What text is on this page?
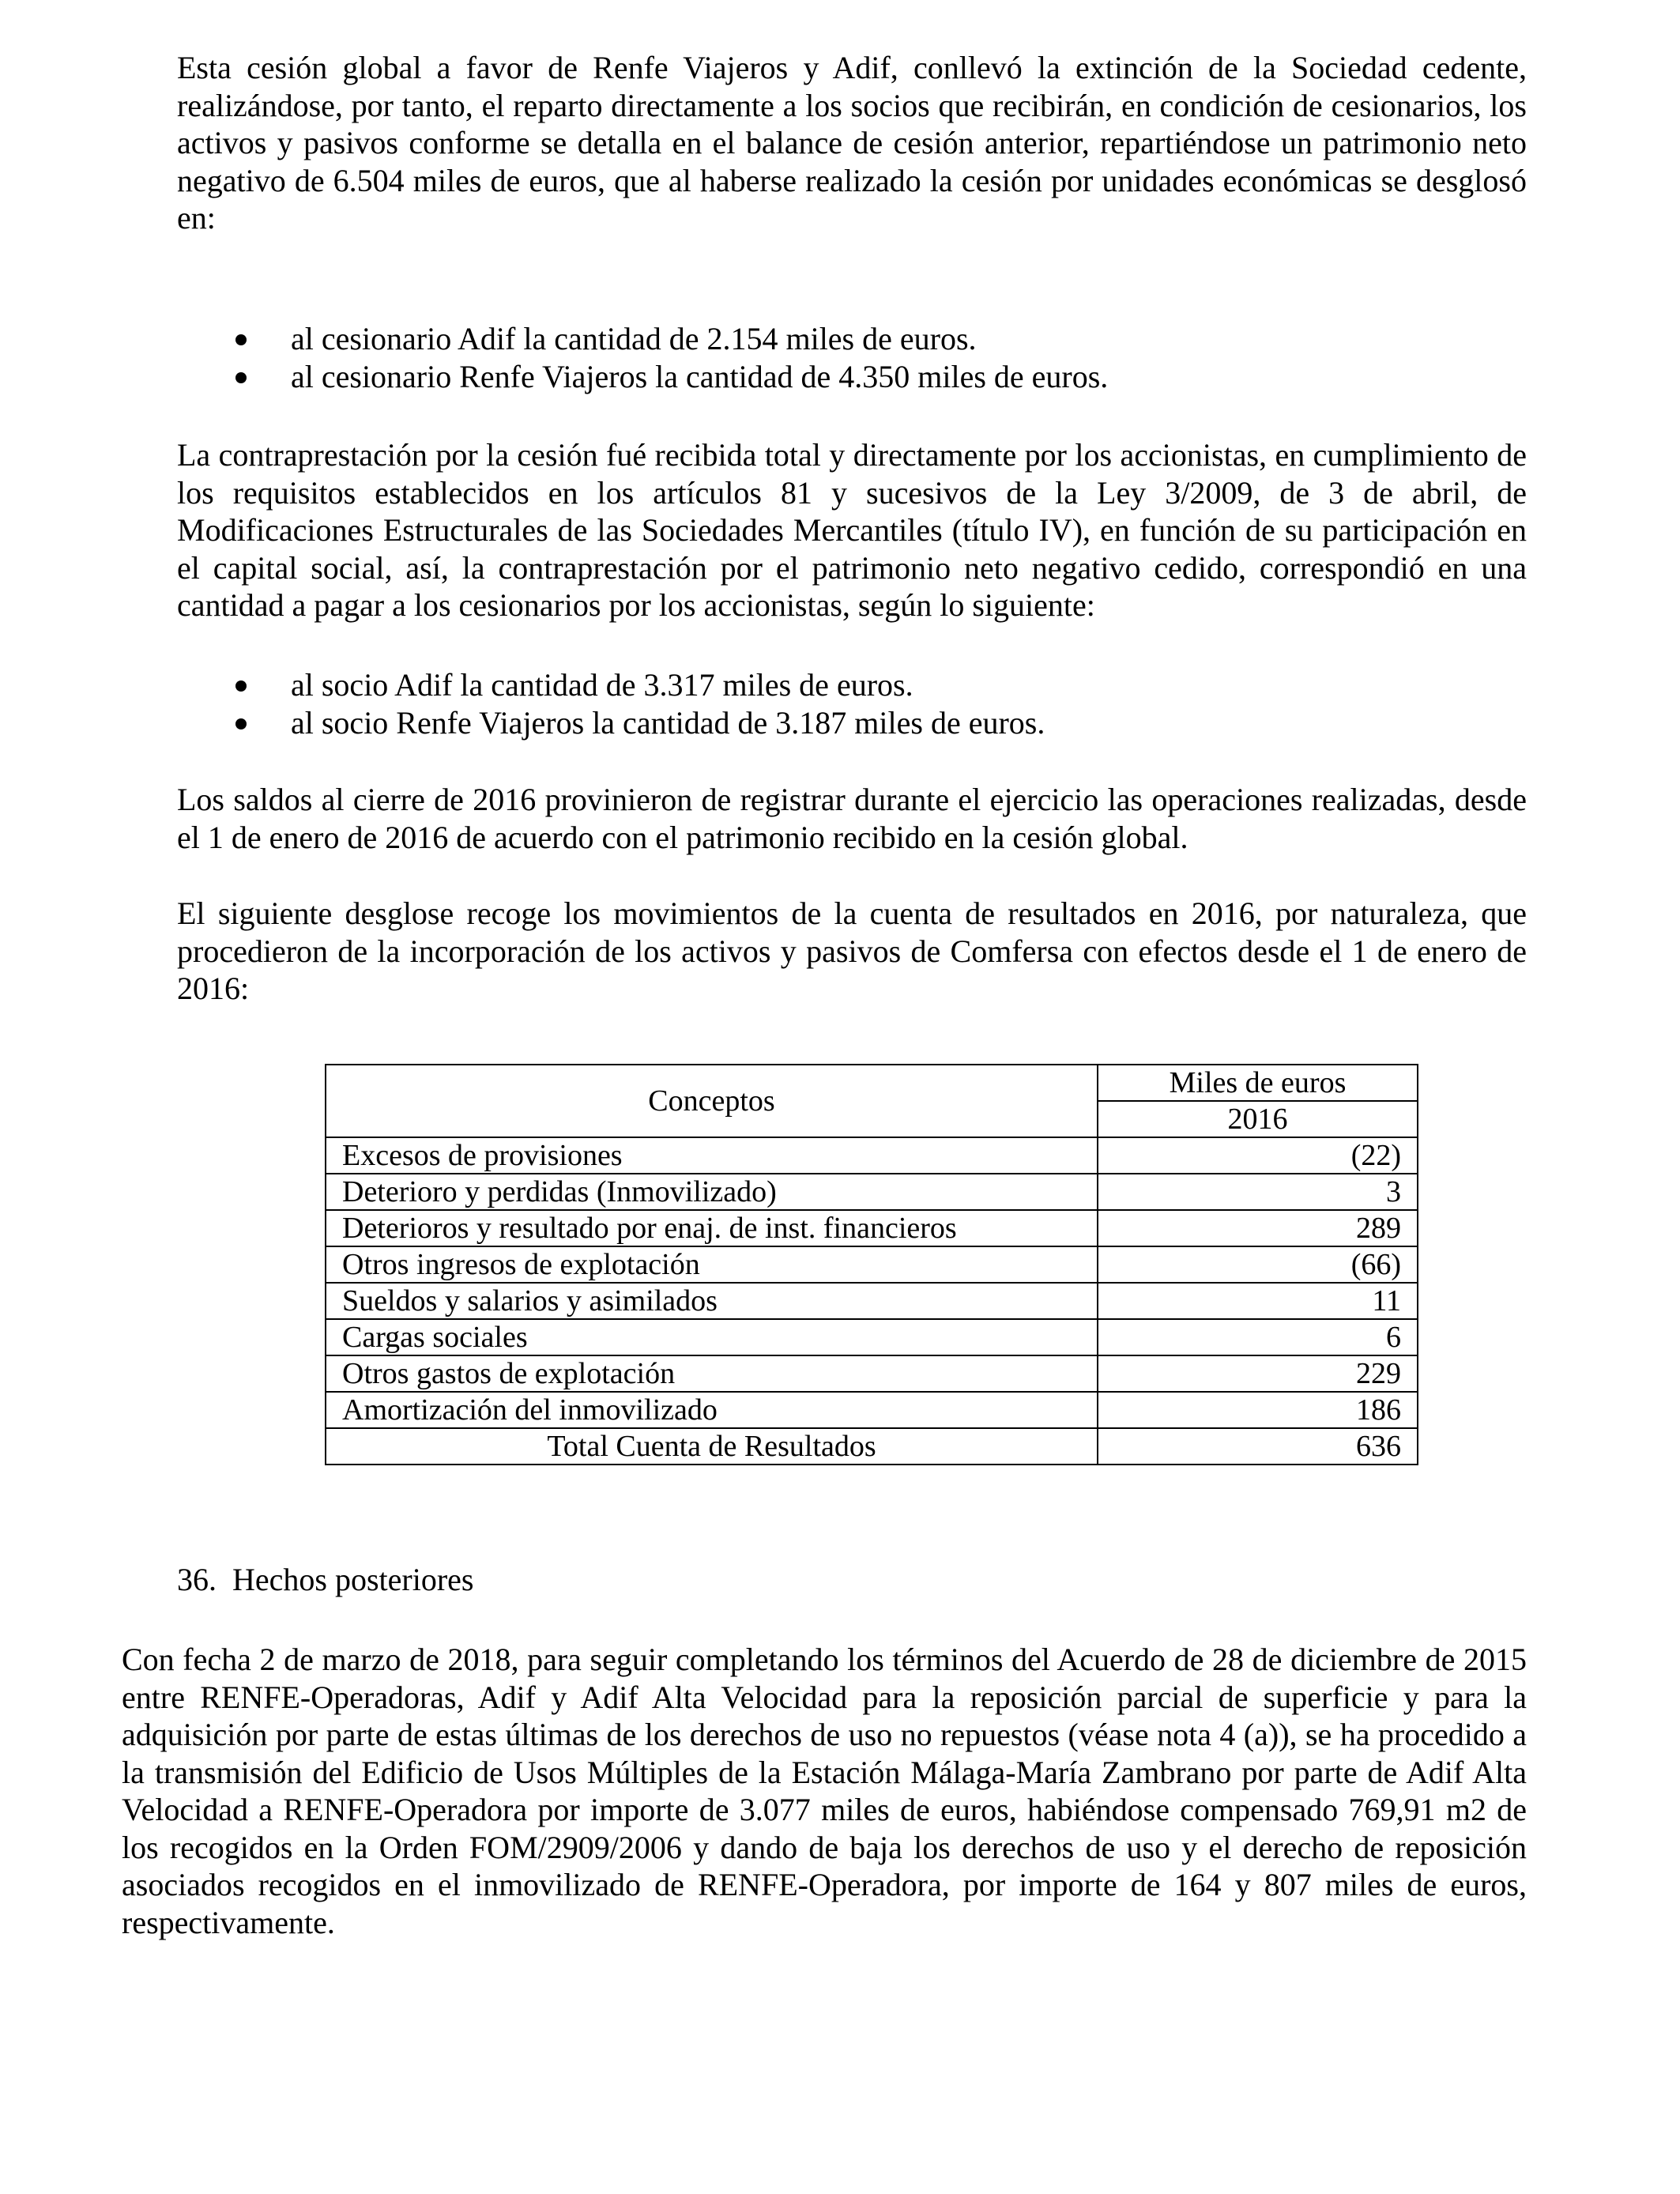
Esta cesión global a favor de Renfe Viajeros y Adif, conllevó la extinción de la Sociedad cedente, realizándose, por tanto, el reparto directamente a los socios que recibirán, en condición de cesionarios, los activos y pasivos conforme se detalla en el balance de cesión anterior, repartiéndose un patrimonio neto negativo de 6.504 miles de euros, que al haberse realizado la cesión por unidades económicas se desglosó en:

al cesionario Adif la cantidad de 2.154 miles de euros.
al cesionario Renfe Viajeros la cantidad de 4.350 miles de euros.

La contraprestación por la cesión fué recibida total y directamente por los accionistas, en cumplimiento de los requisitos establecidos en los artículos 81 y sucesivos de la Ley 3/2009, de 3 de abril, de Modificaciones Estructurales de las Sociedades Mercantiles (título IV), en función de su participación en el capital social, así, la contraprestación por el patrimonio neto negativo cedido, correspondió en una cantidad a pagar a los cesionarios por los accionistas, según lo siguiente:

al socio Adif la cantidad de 3.317 miles de euros.
al socio Renfe Viajeros la cantidad de 3.187 miles de euros.

Los saldos al cierre de 2016 provinieron de registrar durante el ejercicio las operaciones realizadas, desde el 1 de enero de 2016 de acuerdo con el patrimonio recibido en la cesión global.

El siguiente desglose recoge los movimientos de la cuenta de resultados en 2016, por naturaleza, que procedieron de la incorporación de los activos y pasivos de Comfersa con efectos desde el 1 de enero de 2016:

Conceptos	Miles de euros
	2016
Excesos de provisiones	(22)
Deterioro y perdidas (Inmovilizado)	3
Deterioros y resultado por enaj. de inst. financieros	289
Otros ingresos de explotación	(66)
Sueldos y salarios y asimilados	11
Cargas sociales	6
Otros gastos de explotación	229
Amortización del inmovilizado	186
Total Cuenta de Resultados	636

36. Hechos posteriores

Con fecha 2 de marzo de 2018, para seguir completando los términos del Acuerdo de 28 de diciembre de 2015 entre RENFE-Operadoras, Adif y Adif Alta Velocidad para la reposición parcial de superficie y para la adquisición por parte de estas últimas de los derechos de uso no repuestos (véase nota 4 (a)), se ha procedido a la transmisión del Edificio de Usos Múltiples de la Estación Málaga-María Zambrano por parte de Adif Alta Velocidad a RENFE-Operadora por importe de 3.077 miles de euros, habiéndose compensado 769,91 m2 de los recogidos en la Orden FOM/2909/2006 y dando de baja los derechos de uso y el derecho de reposición asociados recogidos en el inmovilizado de RENFE-Operadora, por importe de 164 y 807 miles de euros, respectivamente.
